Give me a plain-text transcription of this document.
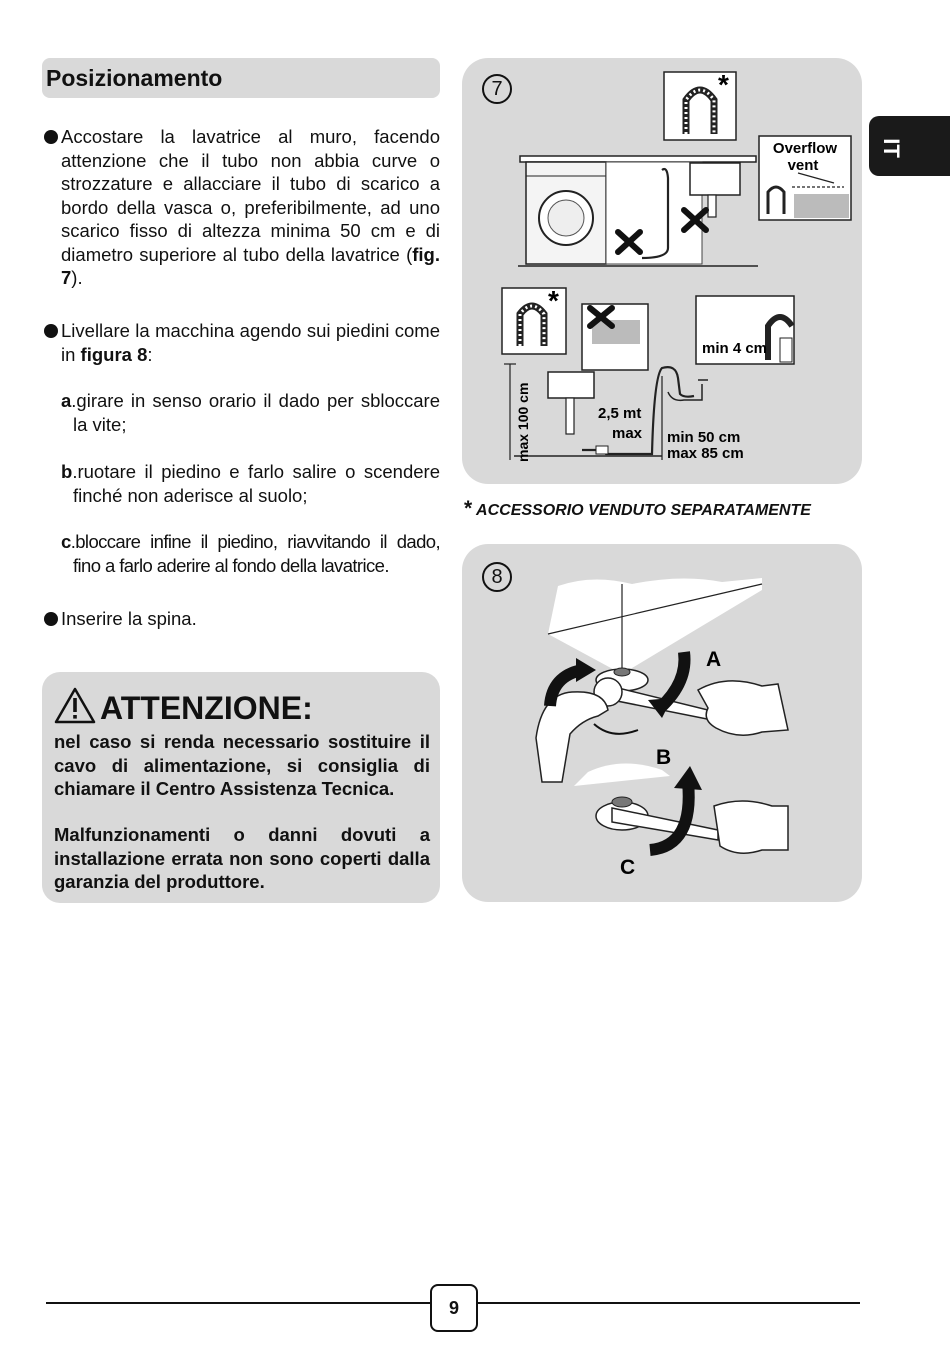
Posizionamento
IT
Accostare la lavatrice al muro, facendo attenzione che il tubo non abbia curve o strozzature e allacciare il tubo di scarico a bordo della vasca o, preferibilmente, ad uno scarico fisso di altezza minima 50 cm e di diametro superiore al tubo della lavatrice (fig. 7).
Livellare la macchina agendo sui piedini come in figura 8:
a.girare in senso orario il dado per sbloccare la vite;
b.ruotare il piedino e farlo salire o scendere finché non aderisce al suolo;
c.bloccare infine il piedino, riavvitando il dado, fino a farlo aderire al fondo della lavatrice.
Inserire la spina.
ATTENZIONE:
nel caso si renda necessario sostituire il cavo di alimentazione, si consiglia di chiamare il Centro Assistenza Tecnica.
Malfunzionamenti o danni dovuti a installazione errata non sono coperti dalla garanzia del produttore.
7	*
Overflow
vent
*
min 4 cm
max 100 cm	2,5 mt
max min 50 cm
max 85 cm
* ACCESSORIO VENDUTO SEPARATAMENTE
8
A
B
C
9
